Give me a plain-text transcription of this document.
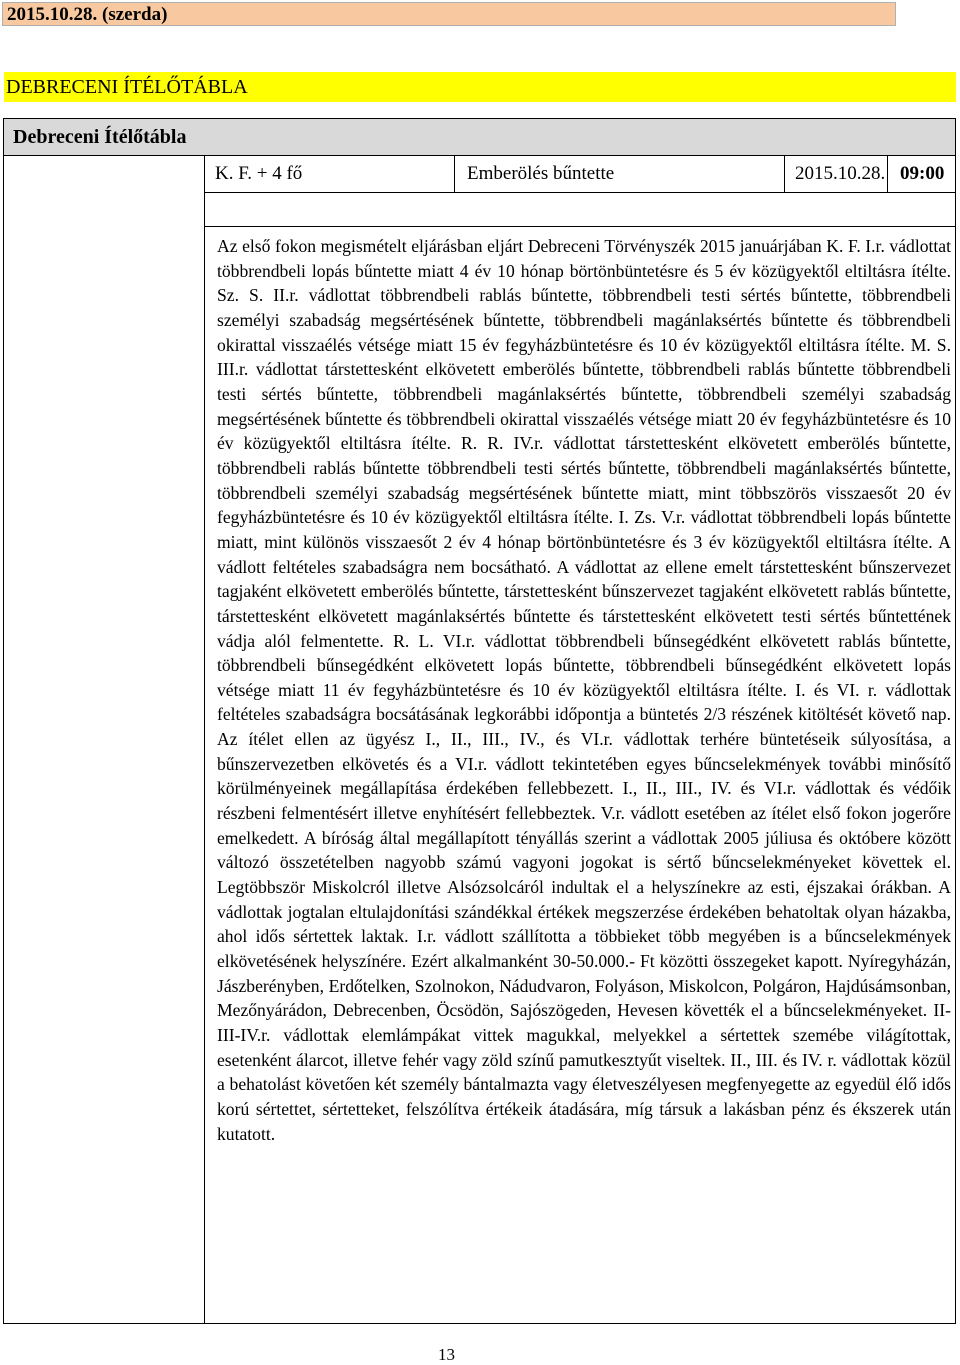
2015.10.28. (szerda)
DEBRECENI ÍTÉLŐTÁBLA
Debreceni Ítélőtábla
K. F. + 4 fő	Emberölés bűntette	2015.10.28. 09:00
Az első fokon megismételt eljárásban eljárt Debreceni Törvényszék 2015 januárjában K. F. I.r. vádlottat többrendbeli lopás bűntette miatt 4 év 10 hónap börtönbüntetésre és 5 év közügyektől eltiltásra ítélte. Sz. S. II.r. vádlottat többrendbeli rablás bűntette, többrendbeli testi sértés bűntette, többrendbeli személyi szabadság megsértésének bűntette, többrendbeli magánlaksértés bűntette és többrendbeli okirattal visszaélés vétsége miatt 15 év fegyházbüntetésre és 10 év közügyektől eltiltásra ítélte. M. S. III.r. vádlottat társtettesként elkövetett emberölés bűntette, többrendbeli rablás bűntette többrendbeli testi sértés bűntette, többrendbeli magánlaksértés bűntette, többrendbeli személyi szabadság megsértésének bűntette és többrendbeli okirattal visszaélés vétsége miatt 20 év fegyházbüntetésre és 10 év közügyektől eltiltásra ítélte. R. R. IV.r. vádlottat társtettesként elkövetett emberölés bűntette, többrendbeli rablás bűntette többrendbeli testi sértés bűntette, többrendbeli magánlaksértés bűntette, többrendbeli személyi szabadság megsértésének bűntette miatt, mint többszörös visszaesőt 20 év fegyházbüntetésre és 10 év közügyektől eltiltásra ítélte. I. Zs. V.r. vádlottat többrendbeli lopás bűntette miatt, mint különös visszaesőt 2 év 4 hónap börtönbüntetésre és 3 év közügyektől eltiltásra ítélte. A vádlott feltételes szabadságra nem bocsátható. A vádlottat az ellene emelt társtettesként bűnszervezet tagjaként elkövetett emberölés bűntette, társtettesként bűnszervezet tagjaként elkövetett rablás bűntette, társtettesként elkövetett magánlaksértés bűntette és társtettesként elkövetett testi sértés bűntettének vádja alól felmentette. R. L. VI.r. vádlottat többrendbeli bűnsegédként elkövetett rablás bűntette, többrendbeli bűnsegédként elkövetett lopás bűntette, többrendbeli bűnsegédként elkövetett lopás vétsége miatt 11 év fegyházbüntetésre és 10 év közügyektől eltiltásra ítélte. I. és VI. r. vádlottak feltételes szabadságra bocsátásának legkorábbi időpontja a büntetés 2/3 részének kitöltését követő nap. Az ítélet ellen az ügyész I., II., III., IV., és VI.r. vádlottak terhére büntetéseik súlyosítása, a bűnszervezetben elkövetés és a VI.r. vádlott tekintetében egyes bűncselekmények további minősítő körülményeinek megállapítása érdekében fellebbezett. I., II., III., IV. és VI.r. vádlottak és védőik részbeni felmentésért illetve enyhítésért fellebbeztek. V.r. vádlott esetében az ítélet első fokon jogerőre emelkedett. A bíróság által megállapított tényállás szerint a vádlottak 2005 júliusa és októbere között változó összetételben nagyobb számú vagyoni jogokat is sértő bűncselekményeket követtek el. Legtöbbször Miskolcról illetve Alsózsolcáról indultak el a helyszínekre az esti, éjszakai órákban. A vádlottak jogtalan eltulajdonítási szándékkal értékek megszerzése érdekében behatoltak olyan házakba, ahol idős sértettek laktak. I.r. vádlott szállította a többieket több megyében is a bűncselekmények elkövetésének helyszínére. Ezért alkalmanként 30-50.000.- Ft közötti összegeket kapott. Nyíregyházán, Jászberényben, Erdőtelken, Szolnokon, Nádudvaron, Folyáson, Miskolcon, Polgáron, Hajdúsámsonban, Mezőnyárádon, Debrecenben, Öcsödön, Sajószögeden, Hevesen követték el a bűncselekményeket. II-III-IV.r. vádlottak elemlámpákat vittek magukkal, melyekkel a sértettek szemébe világítottak, esetenként álarcot, illetve fehér vagy zöld színű pamutkesztyűt viseltek. II., III. és IV. r. vádlottak közül a behatolást követően két személy bántalmazta vagy életveszélyesen megfenyegette az egyedül élő idős korú sértettet, sértetteket, felszólítva értékeik átadására, míg társuk a lakásban pénz és ékszerek után kutatott.
13
